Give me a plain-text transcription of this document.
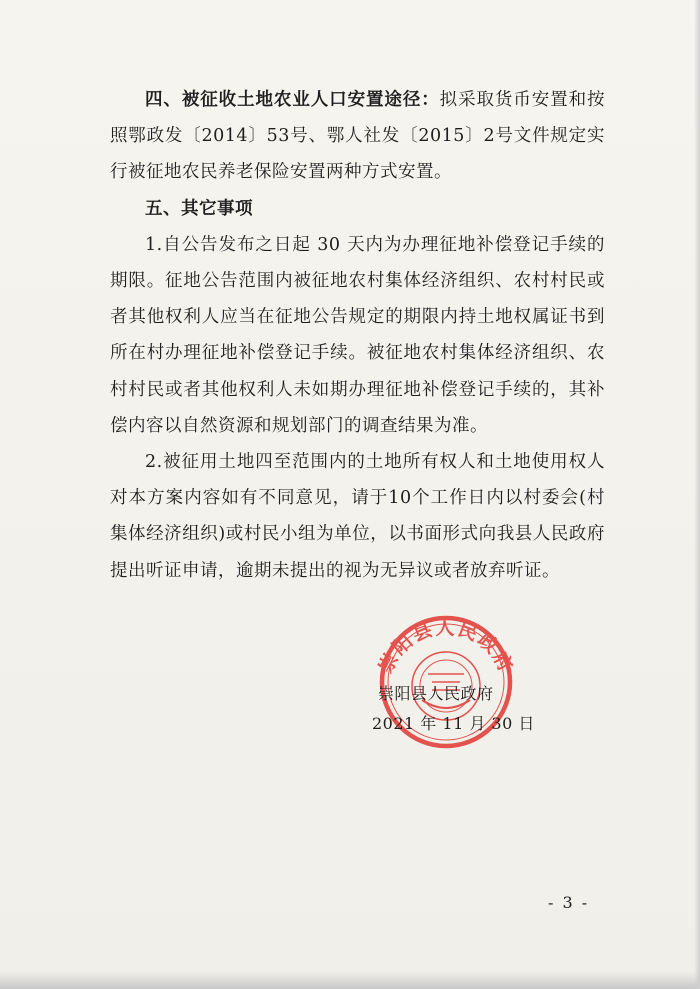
四、被征收土地农业人口安置途径：拟采取货币安置和按照鄂政发〔2014〕53号、鄂人社发〔2015〕2号文件规定实行被征地农民养老保险安置两种方式安置。

五、其它事项

1.自公告发布之日起 30 天内为办理征地补偿登记手续的期限。征地公告范围内被征地农村集体经济组织、农村村民或者其他权利人应当在征地公告规定的期限内持土地权属证书到所在村办理征地补偿登记手续。被征地农村集体经济组织、农村村民或者其他权利人未如期办理征地补偿登记手续的，其补偿内容以自然资源和规划部门的调查结果为准。

2.被征用土地四至范围内的土地所有权人和土地使用权人对本方案内容如有不同意见，请于10个工作日内以村委会(村集体经济组织)或村民小组为单位，以书面形式向我县人民政府提出听证申请，逾期未提出的视为无异议或者放弃听证。

崇阳县人民政府
崇阳县人民政府
2021 年 11 月 30 日
- 3 -
